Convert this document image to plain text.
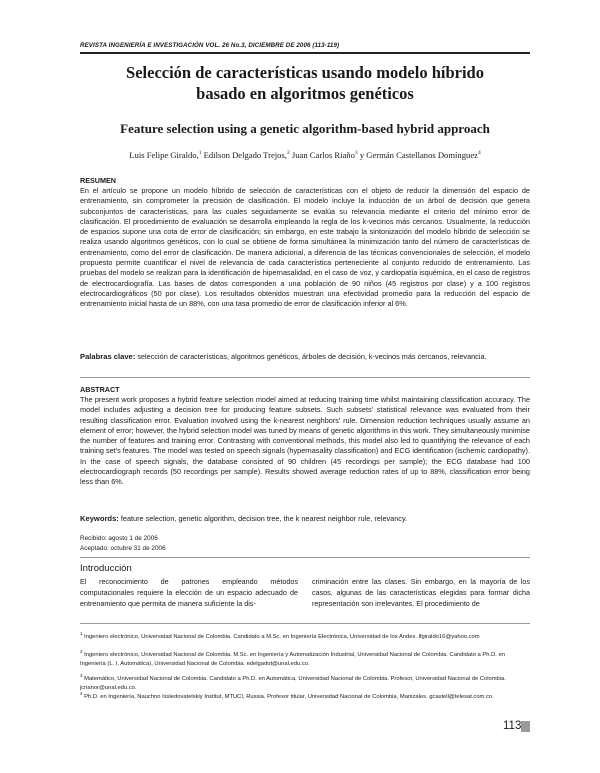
REVISTA INGENIERÍA E INVESTIGACIÓN VOL. 26 No.3, DICIEMBRE DE 2006 (113-119)
Selección de características usando modelo híbrido
basado en algoritmos genéticos
Feature selection using a genetic algorithm-based hybrid approach
Luis Felipe Giraldo,$^1$ Edilson Delgado Trejos,$^2$ Juan Carlos Riaño$^3$ y Germán Castellanos Domínguez$^4$
RESUMEN
En el artículo se propone un modelo híbrido de selección de características con el objeto de reducir la dimensión del espacio de entrenamiento, sin comprometer la precisión de clasificación. El modelo incluye la inducción de un árbol de decisión que genera subconjuntos de características, para las cuales seguidamente se evalúa su relevancia mediante el criterio del mínimo error de clasificación. El procedimiento de evaluación se desarrolla empleando la regla de los k-vecinos más cercanos. Usualmente, la reducción de espacios supone una cota de error de clasificación; sin embargo, en este trabajo la sintonización del modelo híbrido de selección se realiza usando algoritmos genéticos, con lo cual se obtiene de forma simultánea la minimización tanto del número de características de entrenamiento, como del error de clasificación. De manera adicional, a diferencia de las técnicas convencionales de selección, el modelo propuesto permite cuantificar el nivel de relevancia de cada característica perteneciente al conjunto reducido de entrenamiento. Las pruebas del modelo se realizan para la identificación de hipernasalidad, en el caso de voz, y cardiopatía isquémica, en el caso de registros de electrocardiografía. Las bases de datos corresponden a una población de 90 niños (45 registros por clase) y a 100 registros electrocardiográficos (50 por clase). Los resultados obtenidos muestran una efectividad promedio para la reducción del espacio de entrenamiento inicial hasta de un 88%, con una tasa promedio de error de clasificación inferior al 6%.
Palabras clave: selección de características, algoritmos genéticos, árboles de decisión, k-vecinos más cercanos, relevancia.
ABSTRACT
The present work proposes a hybrid feature selection model aimed at reducing training time whilst maintaining classification accuracy. The model includes adjusting a decision tree for producing feature subsets. Such subsets' statistical relevance was evaluated from their resulting classification error. Evaluation involved using the k-nearest neighbors' rule. Dimension reduction techniques usually assume an element of error; however, the hybrid selection model was tuned by means of genetic algorithms in this work. They simultaneously minimise the number of features and training error. Contrasting with conventional methods, this model also led to quantifying the relevance of each training set's features. The model was tested on speech signals (hypernasality classification) and ECG identification (ischemic cardiopathy). In the case of speech signals, the database consisted of 90 children (45 recordings per sample); the ECG database had 100 electrocardiograph records (50 recordings per sample). Results showed average reduction rates of up to 88%, classification error being less than 6%.
Keywords: feature selection, genetic algorithm, decision tree, the k nearest neighbor rule, relevancy.
Recibido: agosto 1 de 2006
Aceptado: octubre 31 de 2006
Introducción
El reconocimiento de patrones empleando métodos computacionales requiere la elección de un espacio adecuado de entrenamiento que permita de manera suficiente la dis-
criminación entre las clases. Sin embargo, en la mayoría de los casos, algunas de las características elegidas para formar dicha representación son irrelevantes. El procedimiento de
$^1$ Ingeniero electrónico, Universidad Nacional de Colombia. Candidato a M.Sc. en Ingeniería Electrónica, Universidad de los Andes. lfgiraldo16@yahoo.com
$^2$ Ingeniero electrónico, Universidad Nacional de Colombia. M.Sc. en Ingeniería y Automatización Industrial, Universidad Nacional de Colombia. Candidato a Ph.D. en Ingeniería (L. I. Automática), Universidad Nacional de Colombia. edelgadot@unal.edu.co.
$^3$ Matemático, Universidad Nacional de Colombia. Candidato a Ph.D. en Automática, Universidad Nacional de Colombia. Profesor, Universidad Nacional de Colombia. jcrianor@unal.edu.co.
$^4$ Ph.D. en Ingeniería, Nauchno Issledovatelskiy Institut, MTUCI, Russia. Profesor titular, Universidad Nacional de Colombia, Manizales. gcastell@telesat.com.co.
113
